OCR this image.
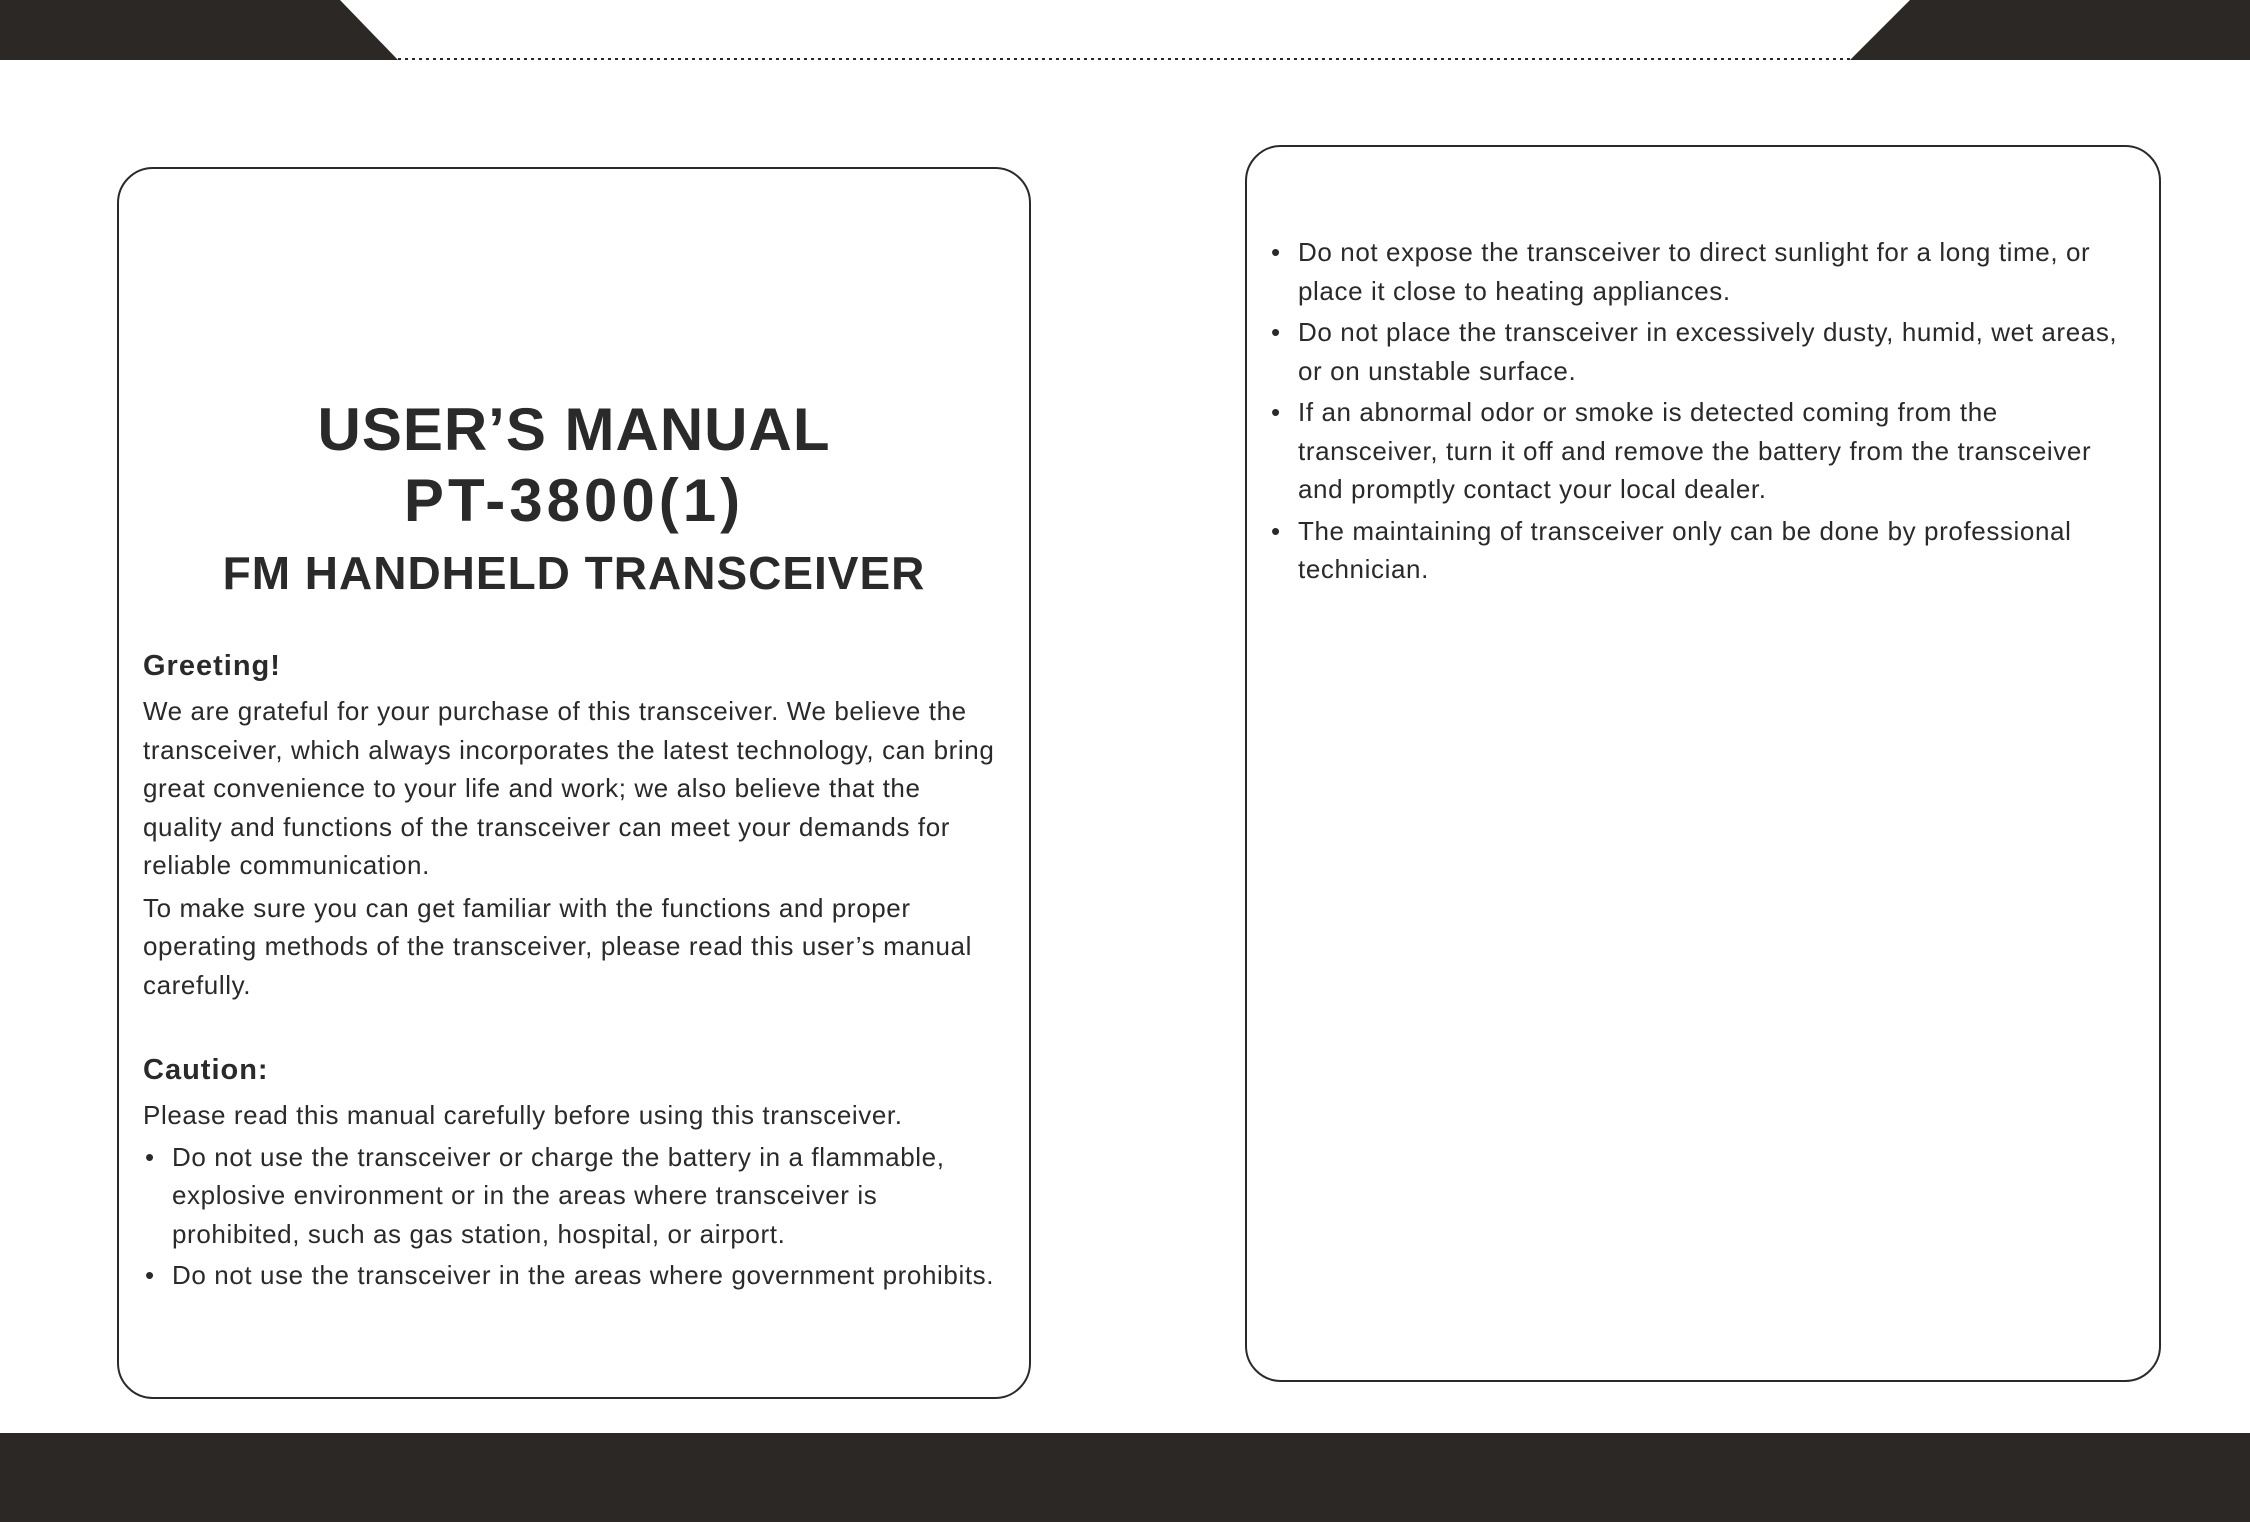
USER’S MANUAL
PT-3800(1)
FM HANDHELD TRANSCEIVER
Greeting!

We are grateful for your purchase of this transceiver. We believe the transceiver, which always incorporates the latest technology, can bring great convenience to your life and work; we also believe that the quality and functions of the transceiver can meet your demands for reliable communication.

To make sure you can get familiar with the functions and proper operating methods of the transceiver, please read this user’s manual carefully.

Caution:

Please read this manual carefully before using this transceiver.

• Do not use the transceiver or charge the battery in a flammable, explosive environment or in the areas where transceiver is prohibited, such as gas station, hospital, or airport.
• Do not use the transceiver in the areas where government prohibits.
• Do not expose the transceiver to direct sunlight for a long time, or place it close to heating appliances.
• Do not place the transceiver in excessively dusty, humid, wet areas, or on unstable surface.
• If an abnormal odor or smoke is detected coming from the transceiver, turn it off and remove the battery from the transceiver and promptly contact your local dealer.
• The maintaining of transceiver only can be done by professional technician.
